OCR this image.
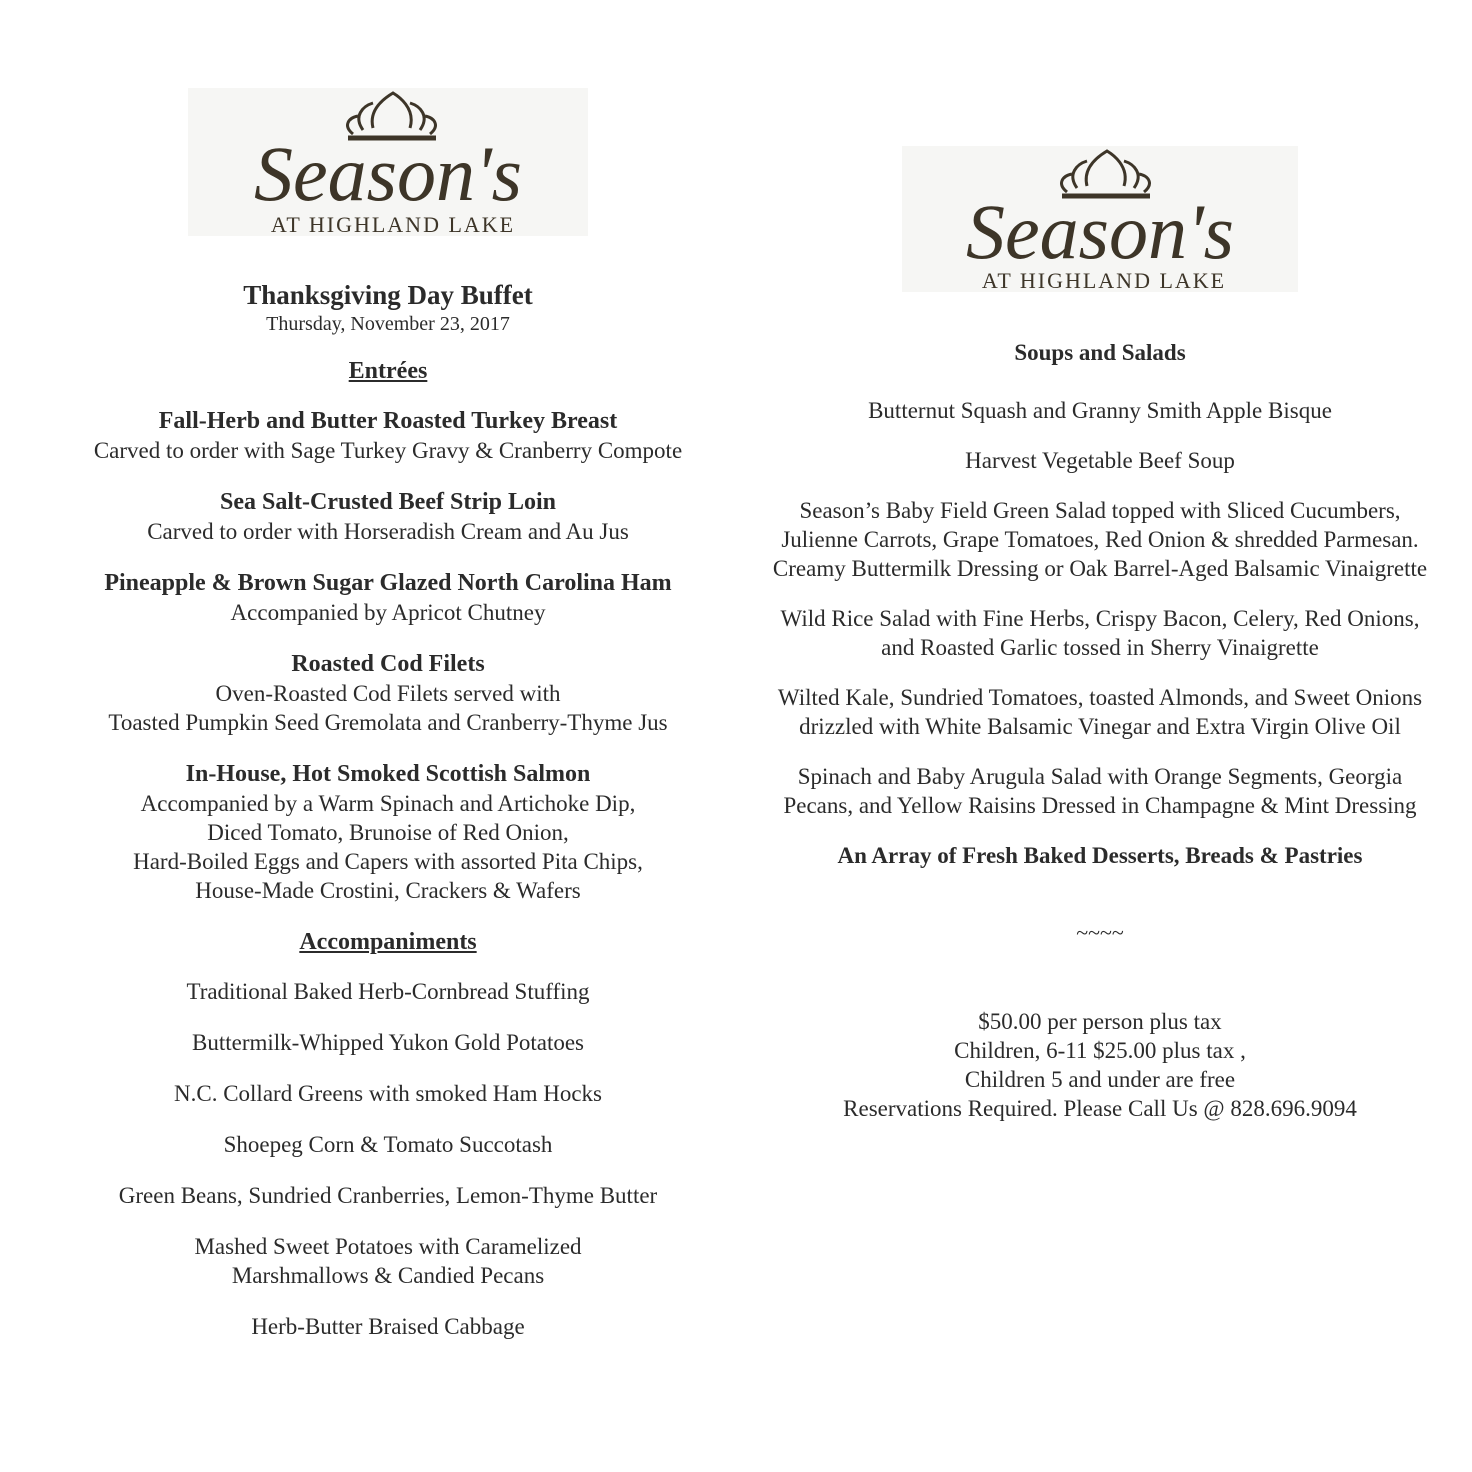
Season's
AT HIGHLAND LAKE	Season's
AT HIGHLAND LAKE
Thanksgiving Day Buffet
Thursday, November 23, 2017
Entrées
Fall-Herb and Butter Roasted Turkey Breast
Carved to order with Sage Turkey Gravy & Cranberry Compote
Sea Salt-Crusted Beef Strip Loin
Carved to order with Horseradish Cream and Au Jus
Pineapple & Brown Sugar Glazed North Carolina Ham
Accompanied by Apricot Chutney
Roasted Cod Filets
Oven-Roasted Cod Filets served with
Toasted Pumpkin Seed Gremolata and Cranberry-Thyme Jus
In-House, Hot Smoked Scottish Salmon
Accompanied by a Warm Spinach and Artichoke Dip,
Diced Tomato, Brunoise of Red Onion,
Hard-Boiled Eggs and Capers with assorted Pita Chips,
House-Made Crostini, Crackers & Wafers
Accompaniments
Traditional Baked Herb-Cornbread Stuffing
Buttermilk-Whipped Yukon Gold Potatoes
N.C. Collard Greens with smoked Ham Hocks
Shoepeg Corn & Tomato Succotash
Green Beans, Sundried Cranberries, Lemon-Thyme Butter
Mashed Sweet Potatoes with Caramelized
Marshmallows & Candied Pecans
Herb-Butter Braised Cabbage
Soups and Salads
Butternut Squash and Granny Smith Apple Bisque
Harvest Vegetable Beef Soup
Season’s Baby Field Green Salad topped with Sliced Cucumbers,
Julienne Carrots, Grape Tomatoes, Red Onion & shredded Parmesan.
Creamy Buttermilk Dressing or Oak Barrel-Aged Balsamic Vinaigrette
Wild Rice Salad with Fine Herbs, Crispy Bacon, Celery, Red Onions,
and Roasted Garlic tossed in Sherry Vinaigrette
Wilted Kale, Sundried Tomatoes, toasted Almonds, and Sweet Onions
drizzled with White Balsamic Vinegar and Extra Virgin Olive Oil
Spinach and Baby Arugula Salad with Orange Segments, Georgia
Pecans, and Yellow Raisins Dressed in Champagne & Mint Dressing
An Array of Fresh Baked Desserts, Breads & Pastries
~~~~
$50.00 per person plus tax
Children, 6-11 $25.00 plus tax ,
Children 5 and under are free
Reservations Required. Please Call Us @ 828.696.9094
